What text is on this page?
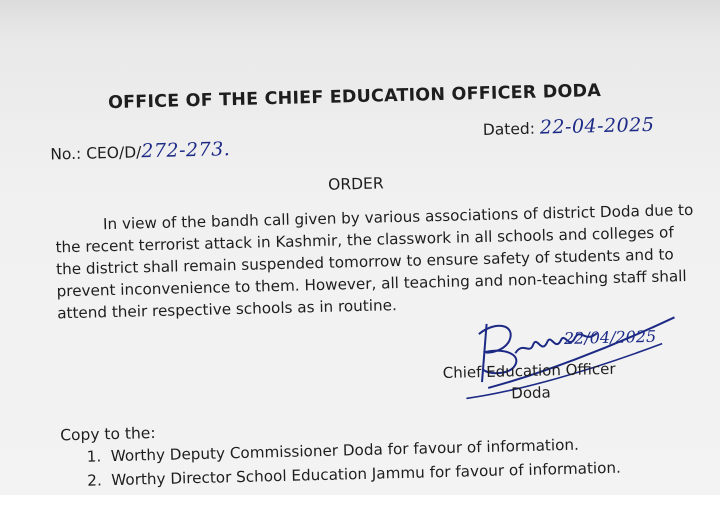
OFFICE OF THE CHIEF EDUCATION OFFICER DODA
No.: CEO/D/272-273.
Dated: 22-04-2025
ORDER
In view of the bandh call given by various associations of district Doda due to the recent terrorist attack in Kashmir, the classwork in all schools and colleges of the district shall remain suspended tomorrow to ensure safety of students and to prevent inconvenience to them. However, all teaching and non-teaching staff shall attend their respective schools as in routine.
22/04/2025
Chief Education Officer
Doda
Copy to the:
1. Worthy Deputy Commissioner Doda for favour of information.
2. Worthy Director School Education Jammu for favour of information.
